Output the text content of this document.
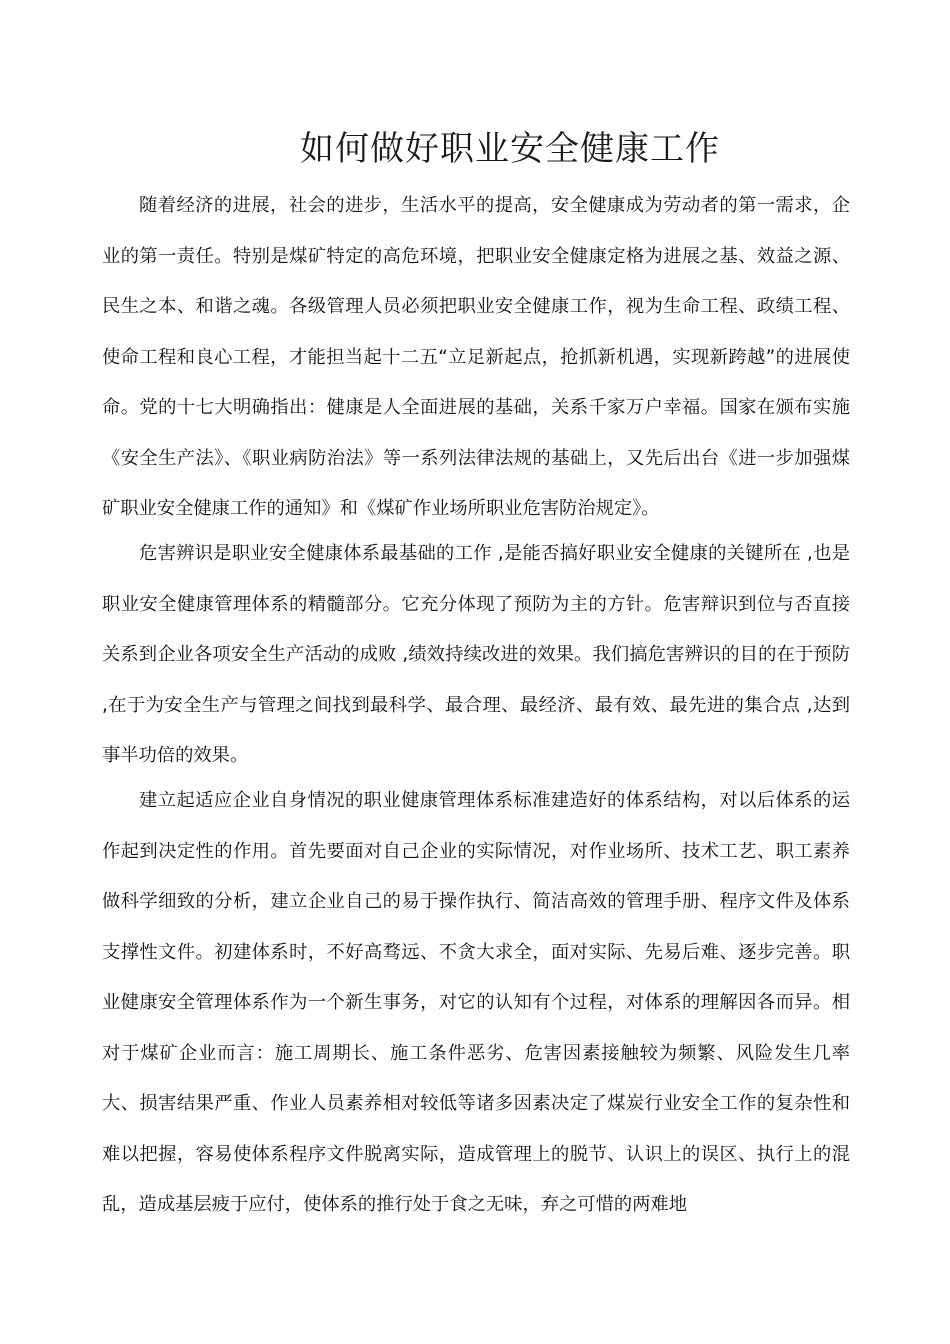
如何做好职业安全健康工作

随着经济的进展，社会的进步，生活水平的提高，安全健康成为劳动者的第一需求，企业的第一责任。特别是煤矿特定的高危环境，把职业安全健康定格为进展之基、效益之源、民生之本、和谐之魂。各级管理人员必须把职业安全健康工作，视为生命工程、政绩工程、使命工程和良心工程，才能担当起十二五“立足新起点，抢抓新机遇，实现新跨越”的进展使命。党的十七大明确指出：健康是人全面进展的基础，关系千家万户幸福。国家在颁布实施《安全生产法》、《职业病防治法》等一系列法律法规的基础上，又先后出台《进一步加强煤矿职业安全健康工作的通知》和《煤矿作业场所职业危害防治规定》。

危害辨识是职业安全健康体系最基础的工作 ,是能否搞好职业安全健康的关键所在 ,也是职业安全健康管理体系的精髓部分。它充分体现了预防为主的方针。危害辩识到位与否直接关系到企业各项安全生产活动的成败 ,绩效持续改进的效果。我们搞危害辨识的目的在于预防 ,在于为安全生产与管理之间找到最科学、最合理、最经济、最有效、最先进的集合点 ,达到事半功倍的效果。

建立起适应企业自身情况的职业健康管理体系标准建造好的体系结构，对以后体系的运作起到决定性的作用。首先要面对自己企业的实际情况，对作业场所、技术工艺、职工素养做科学细致的分析，建立企业自己的易于操作执行、简洁高效的管理手册、程序文件及体系支撑性文件。初建体系时，不好高骛远、不贪大求全，面对实际、先易后难、逐步完善。职业健康安全管理体系作为一个新生事务，对它的认知有个过程，对体系的理解因各而异。相对于煤矿企业而言：施工周期长、施工条件恶劣、危害因素接触较为频繁、风险发生几率大、损害结果严重、作业人员素养相对较低等诸多因素决定了煤炭行业安全工作的复杂性和难以把握，容易使体系程序文件脱离实际，造成管理上的脱节、认识上的误区、执行上的混乱，造成基层疲于应付，使体系的推行处于食之无味，弃之可惜的两难地
